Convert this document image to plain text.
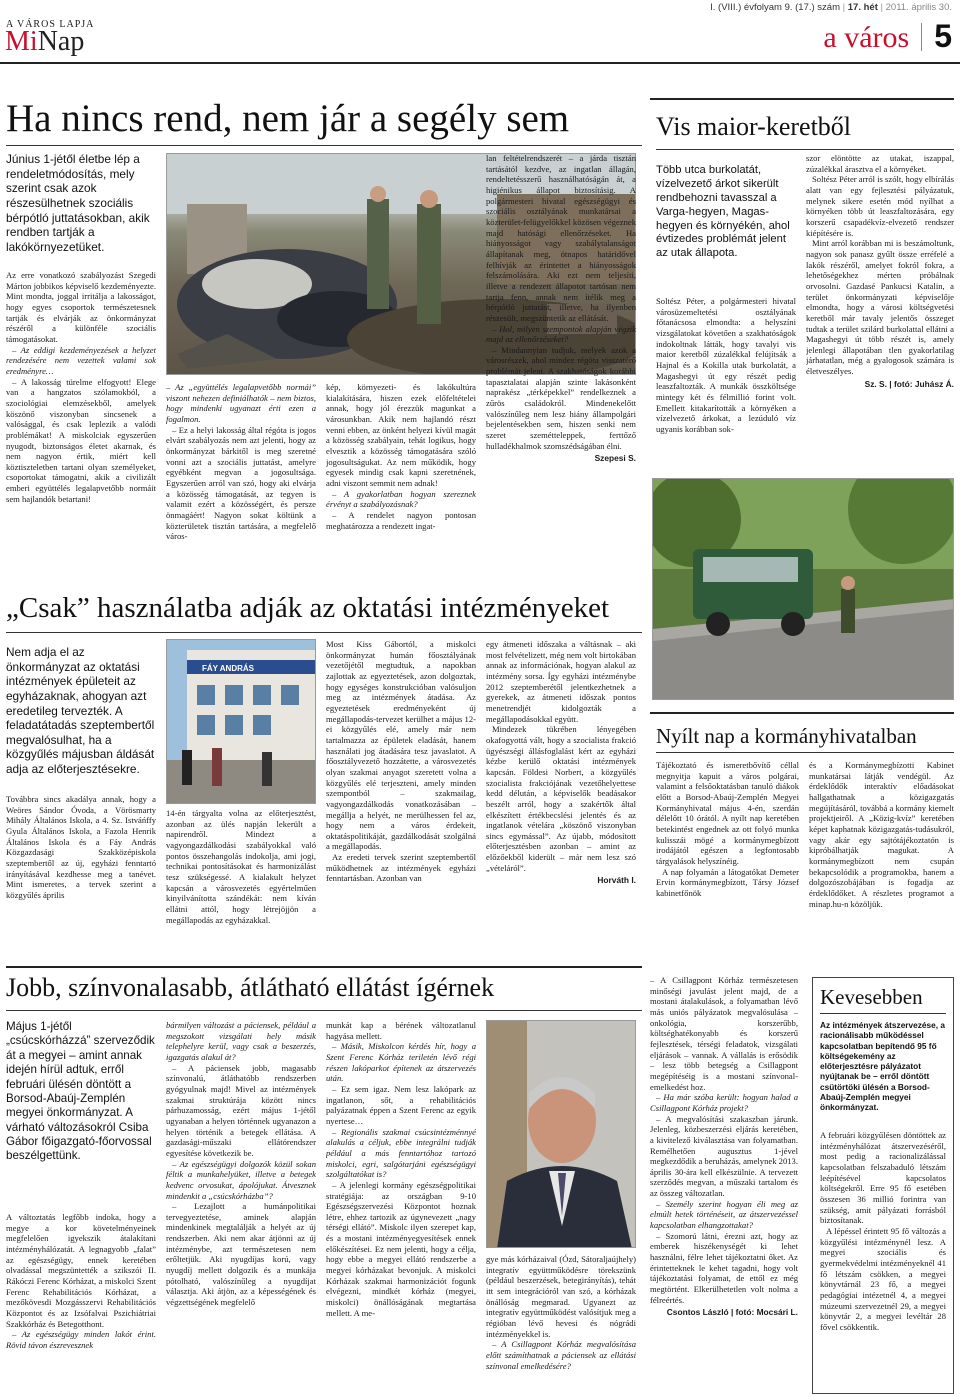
A VÁROS LAPJA
MiNap
I. (VIII.) évfolyam 9. (17.) szám | 17. hét | 2011. április 30.
a város 5
Ha nincs rend, nem jár a segély sem
Június 1-jétől életbe lép a rendeletmódosítás, mely szerint csak azok részesülhetnek szociális bérpótló juttatásokban, akik rendben tartják a lakókörnyezetüket.

Az erre vonatkozó szabályozást Szegedi Márton jobbikos képviselő kezdeményezte. Mint mondta, joggal irritálja a lakosságot, hogy egyes csoportok természetesnek tartják és elvárják az önkormányzat részéről a különféle szociális támogatásokat.

– Az eddigi kezdeményezések a helyzet rendezésére nem vezettek valami sok eredményre…

– A lakosság türelme elfogyott! Elege van a hangzatos szólamokból, a szociológiai elemzésekből, amelyek köszönő viszonyban sincsenek a valósággal, és csak leplezik a valódi problémákat! A miskolciak egyszerűen nyugodt, biztonságos életet akarnak, és nem nagyon értik, miért kell köztiszteletben tartani olyan személyeket, csoportokat támogatni, akik a civilizált emberi együttélés legalapvetőbb normáit sem hajlandók betartani!

– Az „együttélés legalapvetőbb normái” viszont nehezen definiálhatók – nem biztos, hogy mindenki ugyanazt érti ezen a fogalmon.

– Ez a helyi lakosság által régóta is jogos elvárt szabályozás nem azt jelenti, hogy az önkormányzat bárkitől is meg szeretné vonni azt a szociális juttatást, amelyre egyébként megvan a jogosultsága. Egyszerűen arról van szó, hogy aki elvárja a közösség támogatását, az tegyen is valamit ezért a közösségért, és persze önmagáért! Nagyon sokat költünk a közterületek tisztán tartására, a megfelelő város-

kép, környezeti- és lakókultúra kialakítására, hiszen ezek előfeltételei annak, hogy jól érezzük magunkat a városunkban. Akik nem hajlandó részt venni ebben, az önként helyezi kívül magát a közösség szabályain, tehát logikus, hogy elvesztik a közösség támogatására szóló jogosultságukat. Az nem működik, hogy egyesek mindig csak kapni szeretnének, adni viszont semmit nem adnak!

– A gyakorlatban hogyan szereznek érvényt a szabályozásnak?

– A rendelet nagyon pontosan meghatározza a rendezett ingat-

lan feltételrendszerét – a járda tisztán tartásától kezdve, az ingatlan állagán, rendeltetésszerű használhatóságán át, a higiénikus állapot biztosításig. A polgármesteri hivatal egészségügyi és szociális osztályának munkatársai a közterület-felügyelőkkel közösen végeznek majd hatósági ellenőrzéseket. Ha hiányosságot vagy szabálytalanságot állapítanak meg, ötnapos határidővel felhívják az érintettet a hiányosságok felszámolására. Aki ezt nem teljesíti, illetve a rendezett állapotot tartósan nem tartja fenn, annak nem ítélik meg a bérpótló juttatást, illetve, ha ilyenben részesült, megszüntetik az ellátását.

– Hol, milyen szempontok alapján végzik majd az ellenőrzéseket?

– Mindannyian tudjuk, melyek azok a városrészek, ahol mindez régóta visszatérő problémát jelent. A szakhatóságok korábbi tapasztalatai alapján szinte lakásonként naprakész „térképekkel” rendelkeznek a zűrös családokról. Mindenekelőtt valószínűleg nem lesz hiány állampolgári bejelentésekben sem, hiszen senki nem szeret szemétteleppek, ferttőző hulladékhalmok szomszédságában élni.

Szepesi S.
Vis maior-keretből
Több utca burkolatát, vízelvezető árkot sikerült rendbehozni tavasszal a Varga-hegyen, Magas-hegyen és környékén, ahol évtizedes problémát jelent az utak állapota.

Soltész Péter, a polgármesteri hivatal városüzemeltetési osztályának főtanácsosa elmondta: a helyszíni vizsgálatokat követően a szakhatóságok indokoltnak látták, hogy tavalyi vis maior keretből zúzalékkal felújítsák a Hajnal és a Kokilla utak burkolatát, a Magashegyi út egy részét pedig leaszfaltozták. A munkák összköltsége mintegy két és félmillió forint volt. Emellett kitakarították a környéken a vízelvezető árkokat, a lezúduló víz ugyanis korábban sok-

szor elöntötte az utakat, iszappal, zúzalékkal árasztva el a környéket.

Soltész Péter arról is szólt, hogy elbírálás alatt van egy fejlesztési pályázatuk, melynek sikere esetén mód nyílhat a környéken több út leaszfaltozására, egy korszerű csapadékvíz-elvezető rendszer kiépítésére is.

Mint arról korábban mi is beszámoltunk, nagyon sok panasz gyűlt össze erréfelé a lakók részéről, amelyet fokról fokra, a lehetőségekhez mérten próbálnak orvosolni. Gazdasé Pankucsi Katalin, a terület önkormányzati képviselője elmondta, hogy a városi költségvetési keretből már tavaly jelentős összeget tudtak a terület szilárd burkolattal ellátni a Magashegyi út több részét is, amely jelenlegi állapotában tlen gyakorlatilag járhatatlan, még a gyalogosok számára is életveszélyes.

Sz. S. | fotó: Juhász Á.
„Csak” használatba adják az oktatási intézményeket
Nem adja el az önkormányzat az oktatási intézmények épületeit az egyházaknak, ahogyan azt eredetileg tervezték. A feladatátadás szeptembertől megvalósulhat, ha a közgyűlés májusban áldását adja az előterjesztésekre.

Továbbra sincs akadálya annak, hogy a Weöres Sándor Óvoda, a Vörösmarty Mihály Általános Iskola, a 4. Sz. Istváńffy Gyula Általános Iskola, a Fazola Henrik Általános Iskola és a Fáy András Közgazdasági Szakközépiskola szeptembertől az új, egyházi fenntartó irányításával kezdhesse meg a tanévet. Mint ismeretes, a tervek szerint a közgyűlés április

FÁY ANDRÁS

14-én tárgyalta volna az előterjesztést, azonban az ülés napján lekerült a napirendről. Mindezt a vagyongazdálkodási szabályokkal való pontos összehangolás indokolja, ami jogi, technikai pontosításokat és harmonizálást tesz szükségessé. A kialakult helyzet kapcsán a városvezetés egyértelműen kinyilvánította szándékát: nem kíván ellátni attól, hogy létrejöjjön a megállapodás az egyházakkal.

Most Kiss Gábortól, a miskolci önkormányzat humán főosztályának vezetőjétől megtudtuk, a napokban zajlottak az egyeztetések, azon dolgoztak, hogy egységes konstrukcióban valósuljon meg az intézmények átadása. Az egyeztetések eredményeként új megállapodás-tervezet kerülhet a május 12-ei közgyűlés elé, amely már nem tartalmazza az épületek eladását, hanem használati jog átadására tesz javaslatot. A főosztályvezető hozzátette, a városvezetés olyan szakmai anyagot szeretett volna a közgyűlés elé terjeszteni, amely minden szempontból – szakmailag, vagyongazdálkodás vonatkozásában – megállja a helyét, ne merülhessen fel az, hogy nem a város érdekeit, oktatáspolitikáját, gazdálkodását szolgálná a megállapodás.

Az eredeti tervek szerint szeptembertől működhetnek az intézmények egyházi fenntartásban. Azonban van

egy átmeneti időszaka a váltásnak – aki most felvételizett, még nem volt birtokában annak az információnak, hogyan alakul az intézmény sorsa. Így egyházi intézménybe 2012 szeptemberétől jelentkezhetnek a gyerekek, az átmeneti időszak pontos menetrendjét kidolgozták a megállapodásokkal együtt.

Mindezek tükrében lényegében okafogyottá vált, hogy a szocialista frakció ügyészségi állásfoglalást kért az egyházi kézbe kerülő oktatási intézmények kapcsán. Földesi Norbert, a közgyűlés szocialista frakciójának vezetőhelyettese kedd délután, a képviselők beadásakor beszélt arról, hogy a szakértők által elkészített értékbecslési jelentés és az ingatlanok vételára „köszönő viszonyban sincs egymással”. Az újabb, módosított előterjesztésben azonban – amint az előzőekből kiderült – már nem lesz szó „vételáról”.

Horváth I.
Nyílt nap a kormányhivatalban

Tájékoztató és ismeretbővítő céllal megnyitja kapuit a város polgárai, valamint a felsőoktatásban tanuló diákok előtt a Borsod-Abaúj-Zemplén Megyei Kormányhivatal május 4-én, szerdán délelőtt 10 órától. A nyílt nap keretében betekintést engednek az ott folyó munka kulisszái mögé a kormánymegbízott irodájától egészen a legfontosabb tárgyalások helyszínéig.

A nap folyamán a látogatókat Demeter Ervin kormánymegbízott, Társy József kabinetfőnök

és a Kormánymegbízotti Kabinet munkatársai látják vendégül. Az érdeklődők interaktív előadásokat hallgathatnak a közigazgatás megújításáról, továbbá a kormány kiemelt projektjeiről. A „Közig-kvíz” keretében képet kaphatnak közigazgatás-tudásukról, vagy akár egy sajtótájékoztatón is kipróbálhatják magukat. A kormánymegbízott nem csupán bekapcsolódik a programokba, hanem a dolgozószobájában is fogadja az érdeklődőket. A részletes programot a minap.hu-n közöljük.

Jobb, színvonalasabb, átlátható ellátást ígérnek
Május 1-jétől „csúcskórházzá” szerveződik át a megyei – amint annak idején hírül adtuk, erről februári ülésén döntött a Borsod-Abaúj-Zemplén megyei önkormányzat. A várható változásokról Csiba Gábor főigazgató-főorvossal beszélgettünk.

A változtatás legfőbb indoka, hogy a megye a kor követelményeinek megfelelően igyekszik átalakítani intézményhálózatát. A legnagyobb „falat” az egészségügy, ennek keretében olvadással megszüntették a szikszói II. Rákóczi Ferenc Kórházat, a miskolci Szent Ferenc Rehabilitációs Kórházat, a mezőkövesdi Mozgásszervi Rehabilitációs Központot és az Izsófalvai Pszichiátriai Szakkórház és Betegotthont.

– Az egészségügy minden lakót érint. Rövid távon észrevesznek

bármilyen változást a páciensek, például a megszokott vizsgálati hely másik telephelyre kerül, vagy csak a beszerzés, igazgatás alakul át?

– A páciensek jobb, magasabb színvonalú, átláthatóbb rendszerben gyógyulnak majd! Mivel az intézmények szakmai struktúrája között nincs párhuzamosság, ezért május 1-jétől ugyanaban a helyen történnek ugyanazon a helyen történik a betegek ellátása. A gazdasági-műszaki ellátórendszer egyesítése következik be.

– Az egészségügyi dolgozók közül sokan féltik a munkahelyüket, illetve a betegek kedvenc orvosukat, ápolójukat. Átvesznek mindenkit a „csúcskórházba”?

– Lezajlott a humánpolitikai tervegyeztetése, aminek alapján mindenkinek megtalálják a helyét az új rendszerben. Aki nem akar átjönni az új intézménybe, azt természetesen nem erőltetjük. Aki nyugdíjas korú, vagy nyugdíj mellett dolgozik és a munkája pótolható, valószínűleg a nyugdíjat választja. Aki átjön, az a képességének és végzettségének megfelelő

munkát kap a bérének változatlanul hagyása mellett.

– Másik, Miskolcon kérdés hír, hogy a Szent Ferenc Kórház teriletén lévő régi részen lakóparkot építenek az átszervezés után.

– Ez sem igaz. Nem lesz lakópark az ingatlanon, sőt, a rehabilitációs palyázatnak éppen a Szent Ferenc az egyik nyertese…

– Regionális szakmai csúcsintézménnyé alakulás a céljuk, ebbe integrálni tudják például a más fenntartóhoz tartozó miskolci, egri, salgótarjáni egészségügyi szolgáltatókat is?

– A jelenlegi kormány egészségpolitikai stratégiája: az országban 9-10 Egészségszervezési Központot hoznak létre, ehhez tartozik az úgynevezett „nagy térségi ellátó”. Miskolc ilyen szerepet kap, és a mostani intézményegyesítések ennek előkészítései. Ez nem jelenti, hogy a célja, hogy ebbe a megyei ellátó rendszerbe a megyei kórházakat bevonjuk. A miskolci Kórházak szakmai harmonizációt fogunk elvégezni, mindkét kórház (megyei, miskolci) önállóságának megtartása mellett. A me-

gye más kórházaival (Ózd, Sátoraljaújhely) integratív együttműködésre törekszünk (például beszerzések, betegirányítás), tehát itt sem integrációról van szó, a kórházak önállóság megmarad. Ugyanezt az integratív együttműködést valósítjuk meg a régióban lévő hevesi és nógrádi intézményekkel is.

– A Csillagpont Kórház megvalósítása előtt számíthatnak a páciensek az ellátási színvonal emelkedésére?

– A Csillagpont Kórház természetesen minőségi javulást jelent majd, de a mostani átalakulások, a folyamatban lévő más uniós pályázatok megvalósulása – onkológia, korszerűbb, költséghatékonyabb és korszerű fejlesztések, térségi feladatok, vizsgálati eljárások – vannak. A vállalás is erősödik – lesz több betegség a Csillagpont megépítéséig is a mostani színvonal-emelkedést hoz.

– Ha már szóba került: hogyan halad a Csillagpont Kórház projekt?

– A megvalósítási szakaszban járunk. Jelenleg, közbeszerzési eljárás keretében, a kivitelező kiválasztása van folyamatban. Remélhetően augusztus 1-jével megkezdődik a beruházás, amelynek 2013. április 30-ára kell elkészülnie. A tervezett szerződés megvan, a műszaki tartalom és az összeg változatlan.

– Személy szerint hogyan éli meg az elmúlt hetek történéseit, az átszervezéssel kapcsolatban elhangzottakat?

– Szomorú látni, érezni azt, hogy az emberek hiszékenységét ki lehet használni, félre lehet tájékoztatni őket. Az érintetteknek le kehet tagadni, hogy volt tájékoztatási folyamat, de ettől ez még megtörtént. Elkerülhetetlen volt nolma a félreértés.

Csontos László | fotó: Mocsári L.
Kevesebben
Az intézmények átszervezése, a racionálisabb működéssel kapcsolatban bepítendő 95 fő költségekemény az előterjesztésre pályázatot nyújtanak be – erről döntött csütörtöki ülésén a Borsod-Abaúj-Zemplén megyei önkormányzat.

A februári közgyűlésen döntöttek az intézményhálózat átszervezéséről, most pedig a racionalizálással kapcsolatban felszabaduló létszám leépítésével kapcsolatos költségekről. Erre 95 fő esetében összesen 36 millió forintra van szükség, amit pályázati forrásból biztosítanak.

A lépéssel érintett 95 fő változás a közgyűlési intézménynél lesz. A megyei szociális és gyermekvédelmi intézményeknél 41 fő létszám csökken, a megyei könyvtárnál 23 fő, a megyei pedagógiai intézetnél 4, a megyei múzeumi szervezetnél 29, a megyei könyvtár 2, a megyei levéltár 28 fővel csökkentik.
